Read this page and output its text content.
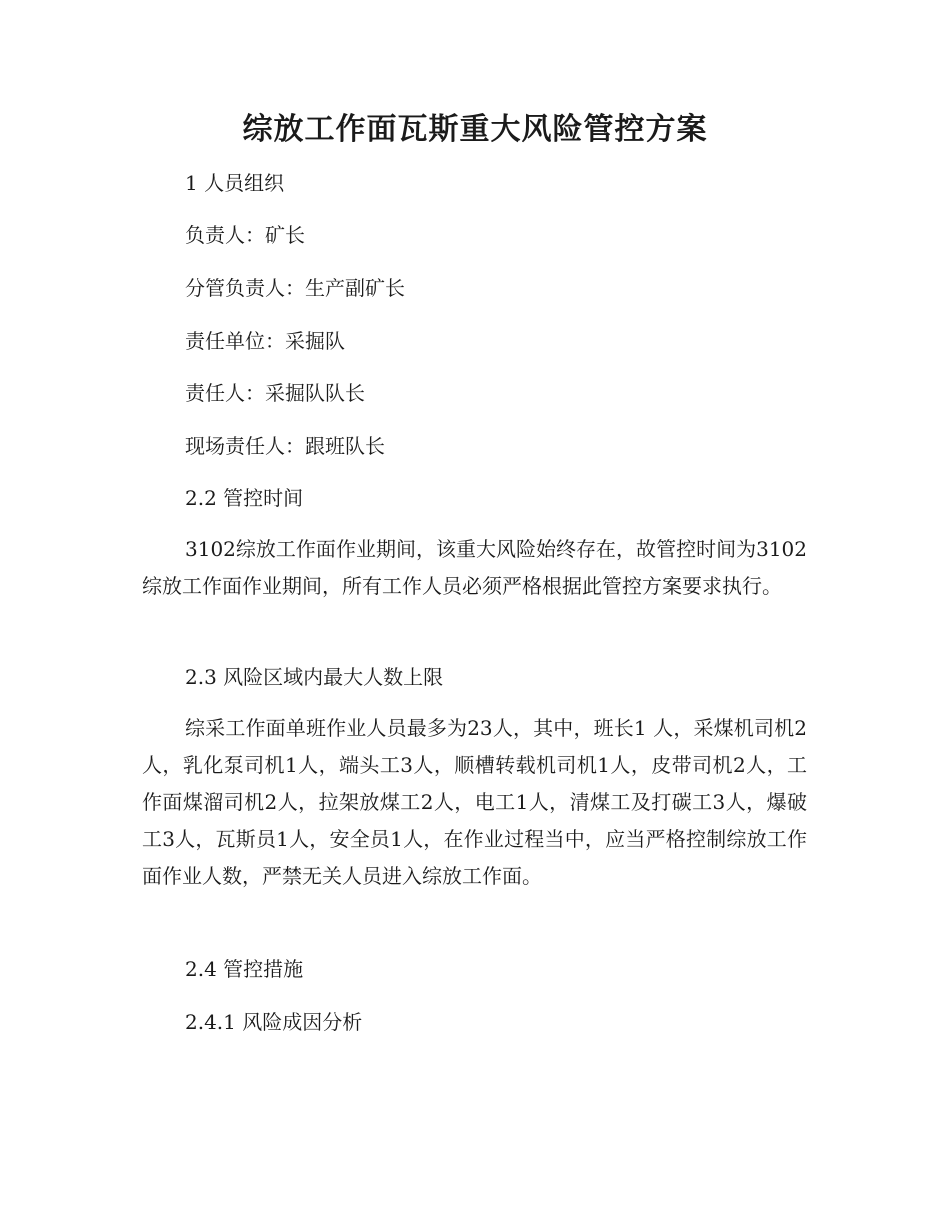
综放工作面瓦斯重大风险管控方案

1 人员组织

负责人：矿长

分管负责人：生产副矿长

责任单位：采掘队

责任人：采掘队队长

现场责任人：跟班队长

2.2 管控时间

3102综放工作面作业期间，该重大风险始终存在，故管控时间为3102综放工作面作业期间，所有工作人员必须严格根据此管控方案要求执行。

2.3 风险区域内最大人数上限

综采工作面单班作业人员最多为23人，其中，班长1 人，采煤机司机2人，乳化泵司机1人，端头工3人，顺槽转载机司机1人，皮带司机2人，工作面煤溜司机2人，拉架放煤工2人，电工1人，清煤工及打碳工3人，爆破工3人，瓦斯员1人，安全员1人，在作业过程当中，应当严格控制综放工作面作业人数，严禁无关人员进入综放工作面。

2.4 管控措施

2.4.1 风险成因分析
